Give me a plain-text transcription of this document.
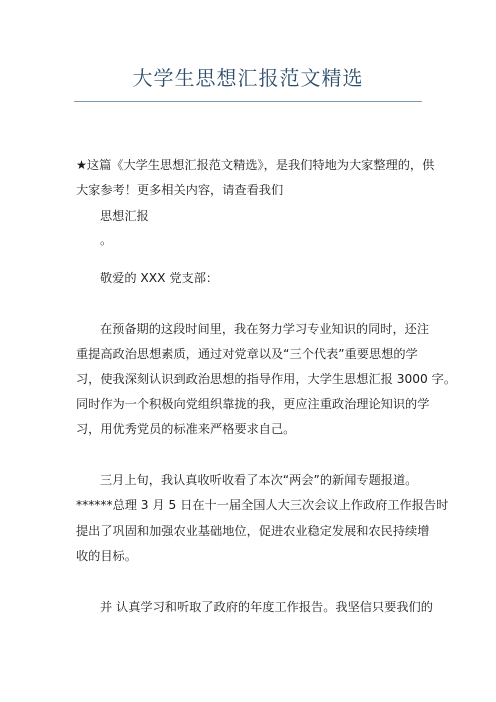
大学生思想汇报范文精选
★这篇《大学生思想汇报范文精选》，是我们特地为大家整理的，供
大家参考！更多相关内容，请查看我们
思想汇报
。
敬爱的 XXX 党支部：
在预备期的这段时间里，我在努力学习专业知识的同时，还注
重提高政治思想素质，通过对党章以及“三个代表”重要思想的学
习，使我深刻认识到政治思想的指导作用，大学生思想汇报 3000 字。
同时作为一个积极向党组织靠拢的我，更应注重政治理论知识的学
习，用优秀党员的标准来严格要求自己。
三月上旬，我认真收听收看了本次“两会”的新闻专题报道。
******总理 3 月 5 日在十一届全国人大三次会议上作政府工作报告时
提出了巩固和加强农业基础地位，促进农业稳定发展和农民持续增
收的目标。
并 认真学习和听取了政府的年度工作报告。我坚信只要我们的
